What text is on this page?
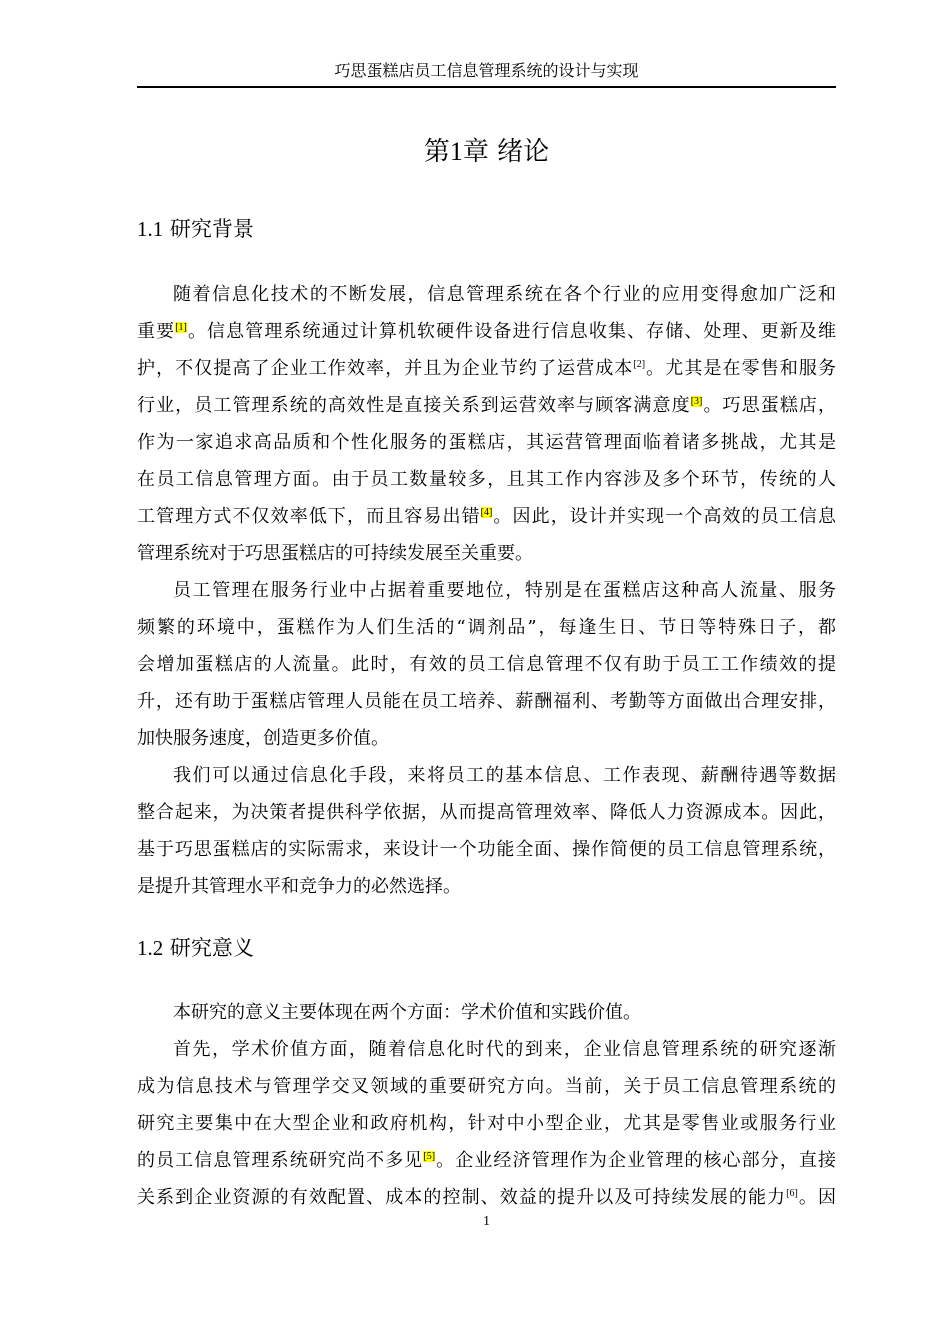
巧思蛋糕店员工信息管理系统的设计与实现
第1章 绪论
1.1 研究背景
随着信息化技术的不断发展，信息管理系统在各个行业的应用变得愈加广泛和
重要[1]。信息管理系统通过计算机软硬件设备进行信息收集、存储、处理、更新及维
护，不仅提高了企业工作效率，并且为企业节约了运营成本[2]。尤其是在零售和服务
行业，员工管理系统的高效性是直接关系到运营效率与顾客满意度[3]。巧思蛋糕店，
作为一家追求高品质和个性化服务的蛋糕店，其运营管理面临着诸多挑战，尤其是
在员工信息管理方面。由于员工数量较多，且其工作内容涉及多个环节，传统的人
工管理方式不仅效率低下，而且容易出错[4]。因此，设计并实现一个高效的员工信息
管理系统对于巧思蛋糕店的可持续发展至关重要。
员工管理在服务行业中占据着重要地位，特别是在蛋糕店这种高人流量、服务
频繁的环境中，蛋糕作为人们生活的“调剂品”，每逢生日、节日等特殊日子，都
会增加蛋糕店的人流量。此时，有效的员工信息管理不仅有助于员工工作绩效的提
升，还有助于蛋糕店管理人员能在员工培养、薪酬福利、考勤等方面做出合理安排，
加快服务速度，创造更多价值。
我们可以通过信息化手段，来将员工的基本信息、工作表现、薪酬待遇等数据
整合起来，为决策者提供科学依据，从而提高管理效率、降低人力资源成本。因此，
基于巧思蛋糕店的实际需求，来设计一个功能全面、操作简便的员工信息管理系统，
是提升其管理水平和竞争力的必然选择。
1.2 研究意义
本研究的意义主要体现在两个方面：学术价值和实践价值。
首先，学术价值方面，随着信息化时代的到来，企业信息管理系统的研究逐渐
成为信息技术与管理学交叉领域的重要研究方向。当前，关于员工信息管理系统的
研究主要集中在大型企业和政府机构，针对中小型企业，尤其是零售业或服务行业
的员工信息管理系统研究尚不多见[5]。企业经济管理作为企业管理的核心部分，直接
关系到企业资源的有效配置、成本的控制、效益的提升以及可持续发展的能力[6]。因
1
